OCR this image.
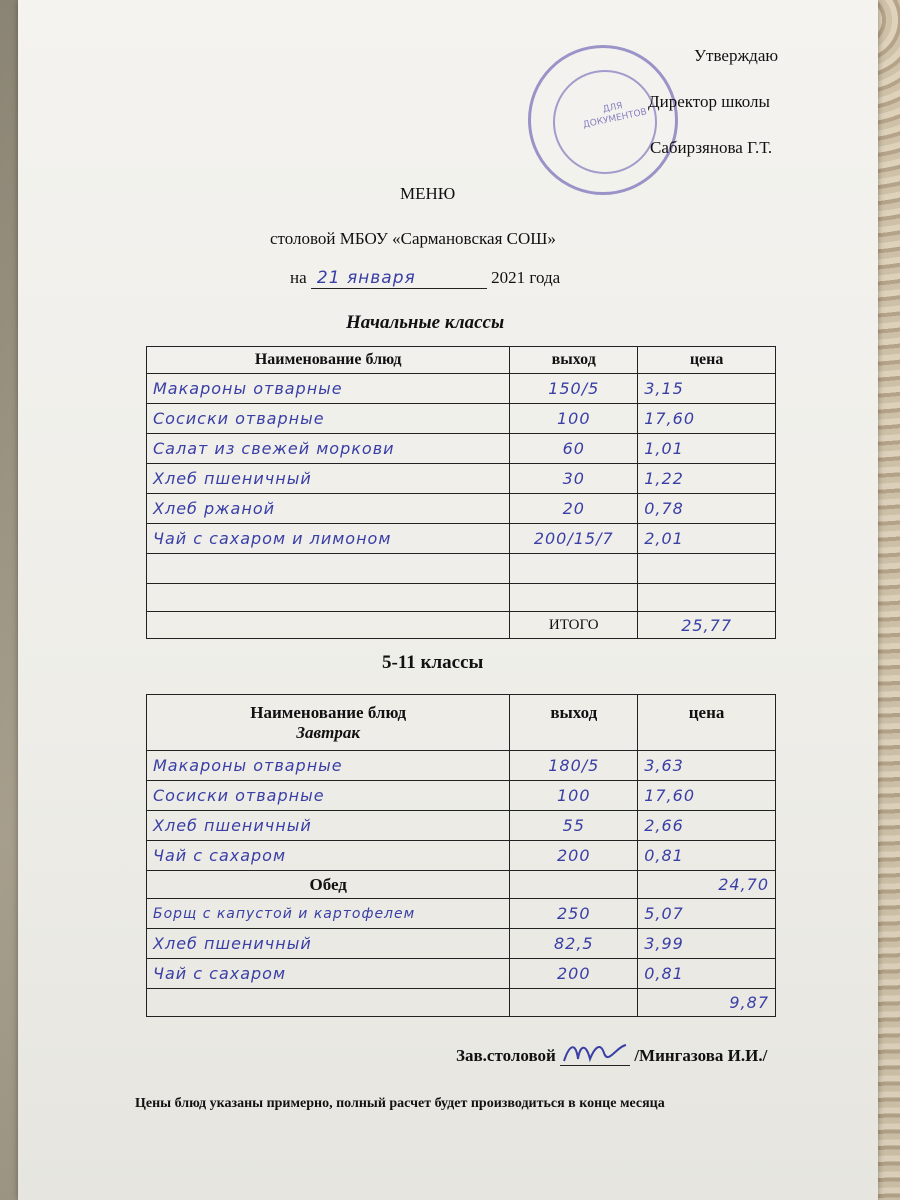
ДЛЯ ДОКУМЕНТОВ
Утверждаю
Директор школы
Сабирзянова Г.Т.
МЕНЮ
столовой МБОУ «Сармановская СОШ»
на 21 января	2021 года
Начальные классы
Наименование блюд	выход	цена
Макароны отварные	150/5	3,15
Сосиски отварные	100	17,60
Салат из свежей моркови	60	1,01
Хлеб пшеничный	30	1,22
Хлеб ржаной	20	0,78
Чай с сахаром и лимоном	200/15/7	2,01

	ИТОГО	25,77
5-11 классы
Наименование блюд
Завтрак	выход	цена
Макароны отварные	180/5	3,63
Сосиски отварные	100	17,60
Хлеб пшеничный	55	2,66
Чай с сахаром	200	0,81
Обед		24,70
Борщ с капустой и картофелем	250	5,07
Хлеб пшеничный	82,5	3,99
Чай с сахаром	200	0,81
		9,87
Зав.столовой	/Мингазова И.И./
Цены блюд указаны примерно, полный расчет будет производиться в конце месяца
